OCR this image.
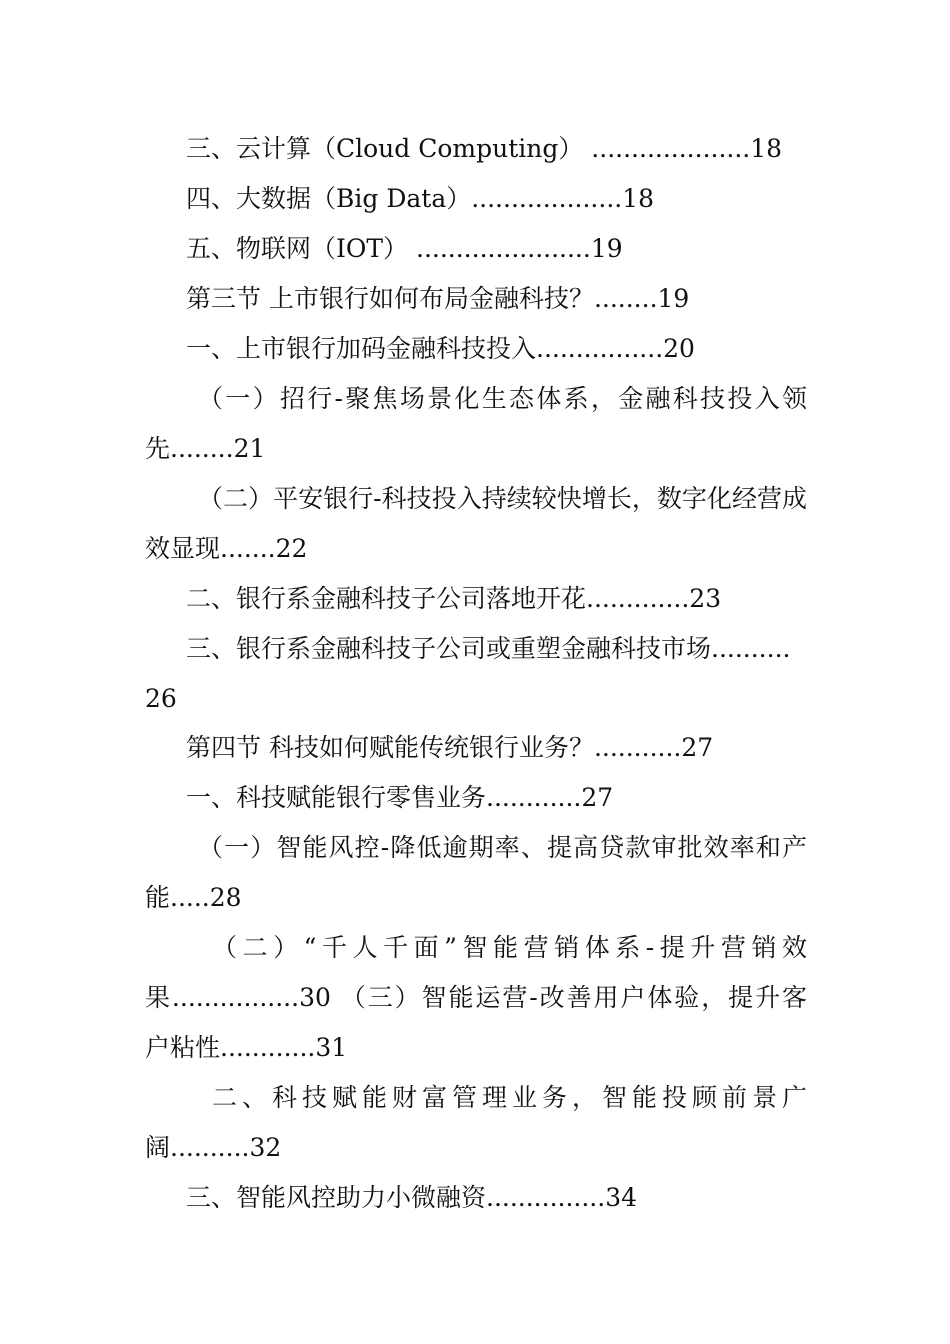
三、云计算（Cloud Computing） ....................18
四、大数据（Big Data）...................18
五、物联网（IOT） ......................19
第三节 上市银行如何布局金融科技？........19
一、上市银行加码金融科技投入................20
（一）招行-聚焦场景化生态体系，金融科技投入领
先........21
（二）平安银行-科技投入持续较快增长，数字化经营成
效显现.......22
二、银行系金融科技子公司落地开花.............23
三、银行系金融科技子公司或重塑金融科技市场..........
26
第四节 科技如何赋能传统银行业务？...........27
一、科技赋能银行零售业务............27
（一）智能风控-降低逾期率、提高贷款审批效率和产
能.....28
（二）“千人千面”智能营销体系-提升营销效
果................30 （三）智能运营-改善用户体验，提升客
户粘性............31
二、科技赋能财富管理业务，智能投顾前景广
阔..........32
三、智能风控助力小微融资...............34
